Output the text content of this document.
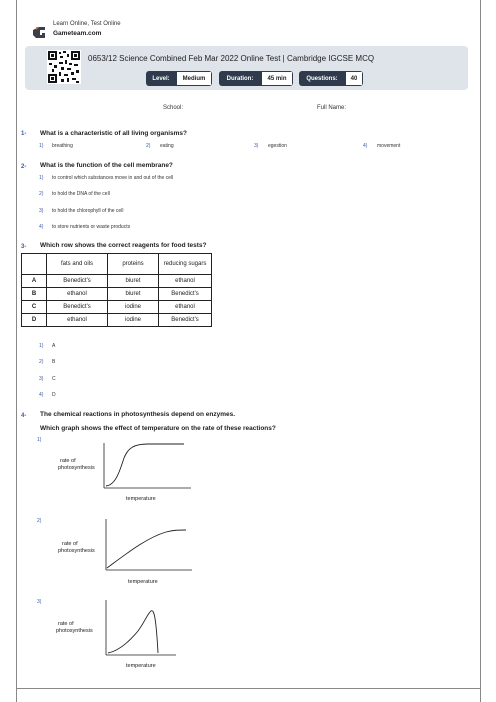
Learn Online, Test Online
Gameteam.com
0653/12 Science Combined Feb Mar 2022 Online Test | Cambridge IGCSE MCQ
Level:	Medium	Duration:	45 min	Questions:	40
School:	Full Name:
1- What is a characteristic of all living organisms?
1) breathing	2) eating	3) egestion	4) movement
2- What is the function of the cell membrane?
1) to control which substances move in and out of the cell
2) to hold the DNA of the cell
3) to hold the chlorophyll of the cell
4) to store nutrients or waste products
3- Which row shows the correct reagents for food tests?
	fats and oils	proteins	reducing sugars
A	Benedict's	biuret	ethanol
B	ethanol	biuret	Benedict's
C	Benedict's	iodine	ethanol
D	ethanol	iodine	Benedict's
1) A
2) B
3) C
4) D
4- The chemical reactions in photosynthesis depend on enzymes.
Which graph shows the effect of temperature on the rate of these reactions?
1)
rate of
photosynthesis
temperature
2)
rate of
photosynthesis
temperature
3)
rate of
photosynthesis
temperature
